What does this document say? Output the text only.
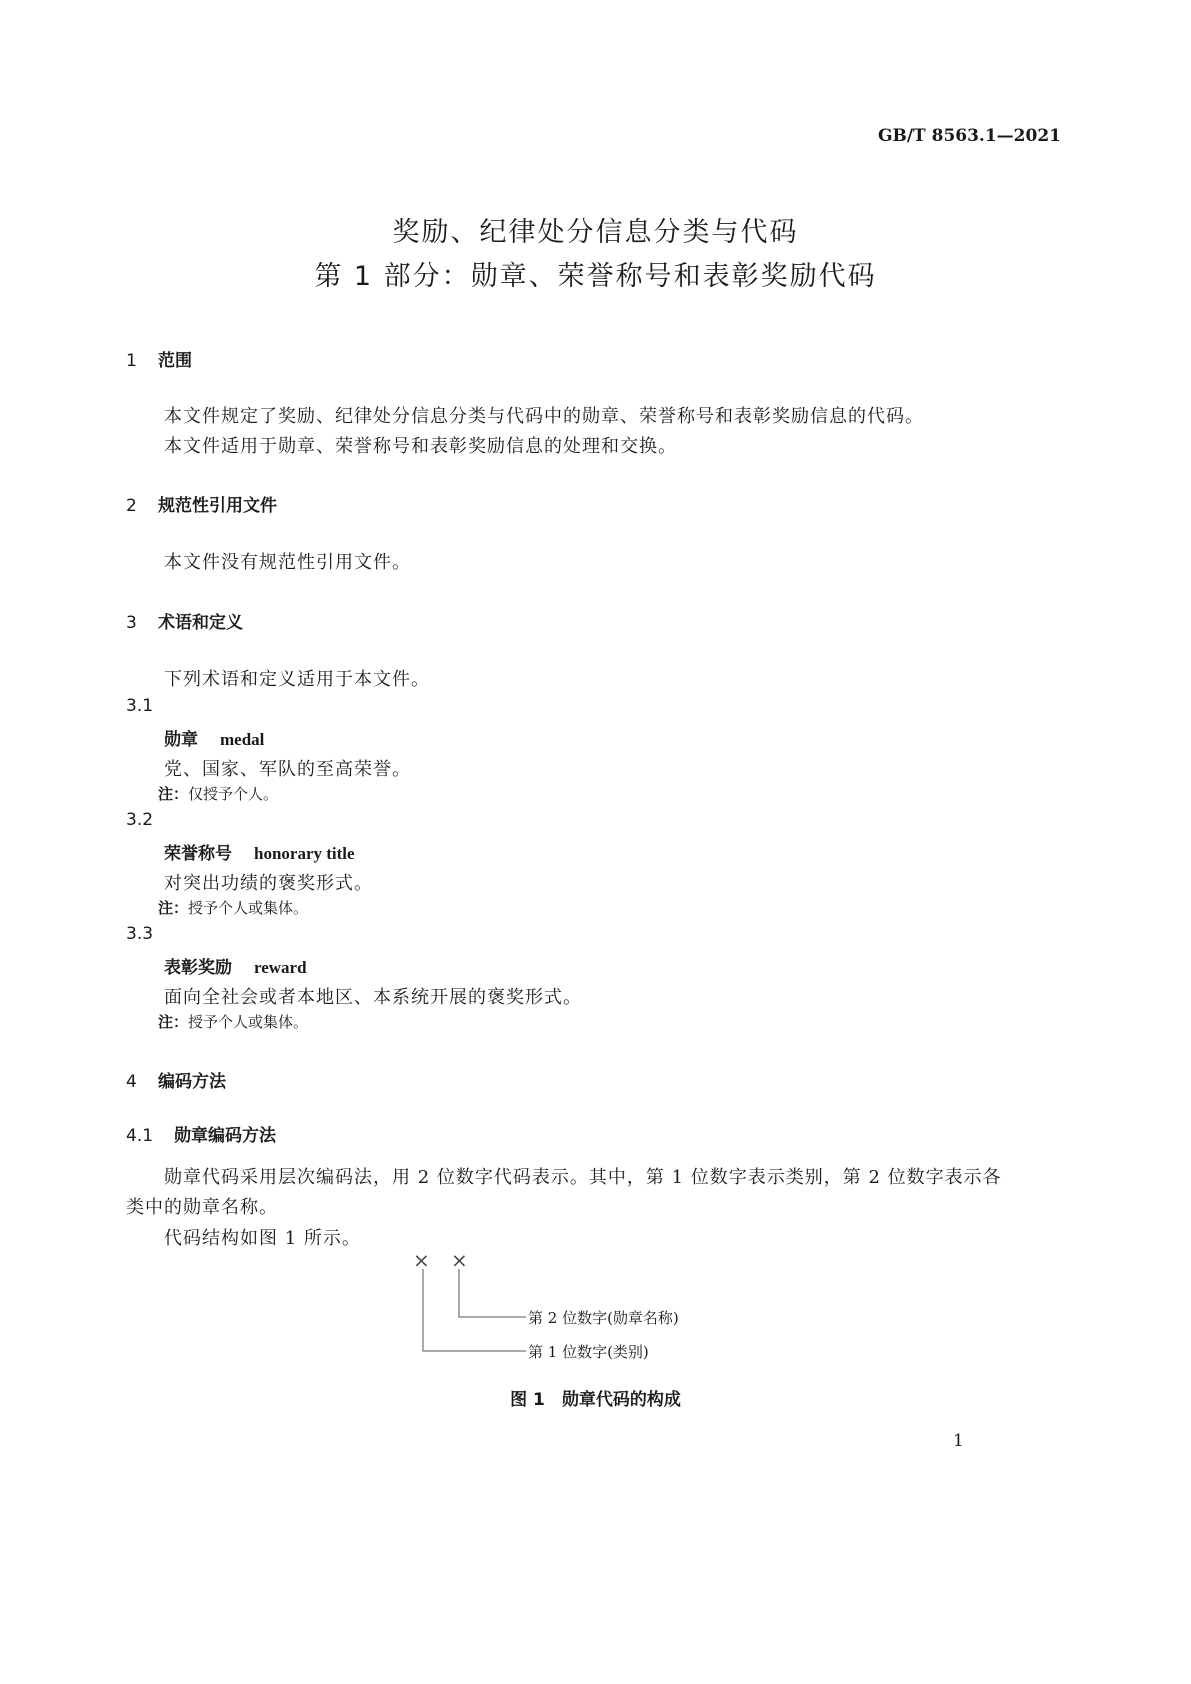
GB/T 8563.1—2021
奖励、纪律处分信息分类与代码
第 1 部分：勋章、荣誉称号和表彰奖励代码
1 范围
本文件规定了奖励、纪律处分信息分类与代码中的勋章、荣誉称号和表彰奖励信息的代码。
本文件适用于勋章、荣誉称号和表彰奖励信息的处理和交换。
2 规范性引用文件
本文件没有规范性引用文件。
3 术语和定义
下列术语和定义适用于本文件。
3.1
勋章 medal
党、国家、军队的至高荣誉。
注：仅授予个人。
3.2
荣誉称号 honorary title
对突出功绩的褒奖形式。
注：授予个人或集体。
3.3
表彰奖励 reward
面向全社会或者本地区、本系统开展的褒奖形式。
注：授予个人或集体。
4 编码方法
4.1 勋章编码方法
勋章代码采用层次编码法，用 2 位数字代码表示。其中，第 1 位数字表示类别，第 2 位数字表示各
类中的勋章名称。
代码结构如图 1 所示。
× ×
第 2 位数字(勋章名称)
第 1 位数字(类别)
图 1　勋章代码的构成
1
